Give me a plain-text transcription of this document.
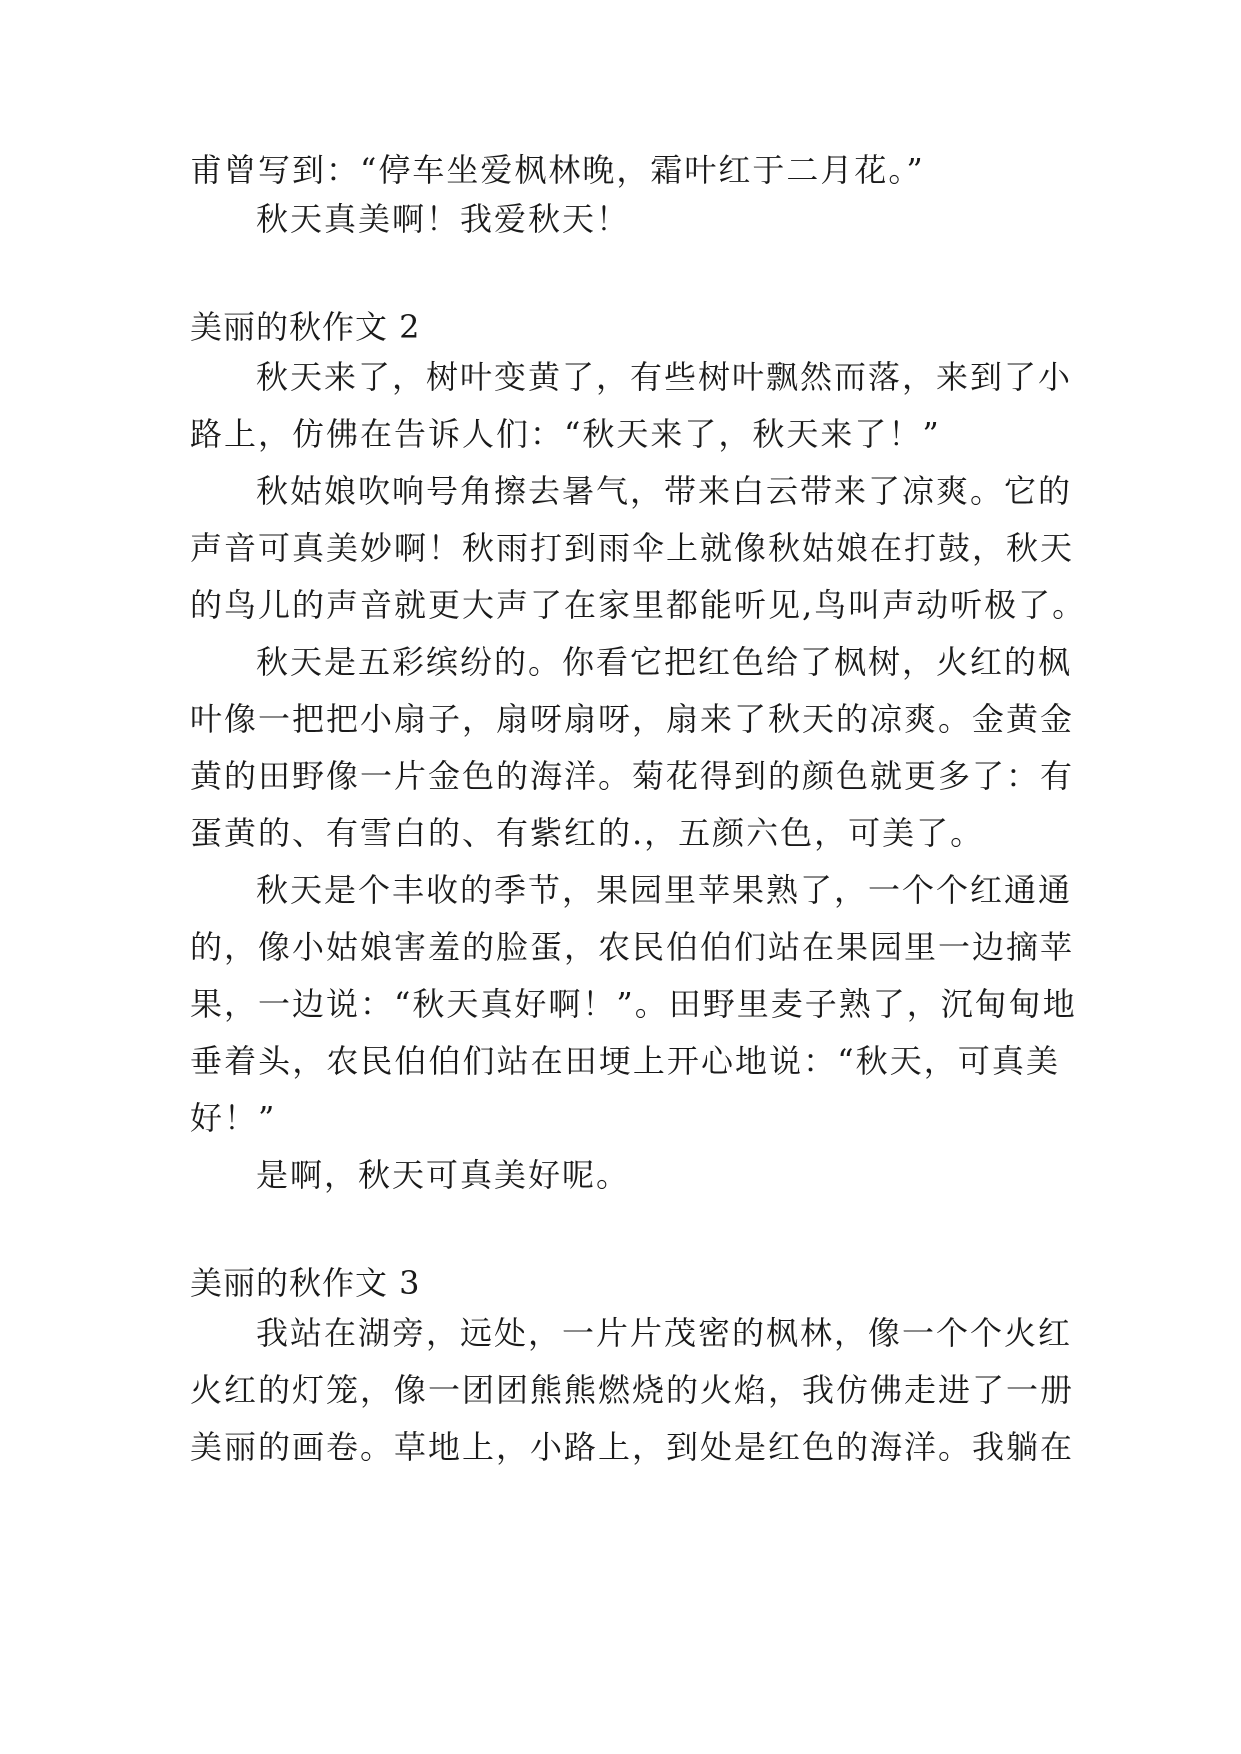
甫曾写到：“停车坐爱枫林晚，霜叶红于二月花。”
秋天真美啊！我爱秋天！
美丽的秋作文 2
秋天来了，树叶变黄了，有些树叶飘然而落，来到了小
路上，仿佛在告诉人们：“秋天来了，秋天来了！”
秋姑娘吹响号角擦去暑气，带来白云带来了凉爽。它的
声音可真美妙啊！秋雨打到雨伞上就像秋姑娘在打鼓，秋天
的鸟儿的声音就更大声了在家里都能听见,鸟叫声动听极了。
秋天是五彩缤纷的。你看它把红色给了枫树，火红的枫
叶像一把把小扇子，扇呀扇呀，扇来了秋天的凉爽。金黄金
黄的田野像一片金色的海洋。菊花得到的颜色就更多了：有
蛋黄的、有雪白的、有紫红的.，五颜六色，可美了。
秋天是个丰收的季节，果园里苹果熟了，一个个红通通
的，像小姑娘害羞的脸蛋，农民伯伯们站在果园里一边摘苹
果，一边说：“秋天真好啊！”。田野里麦子熟了，沉甸甸地
垂着头，农民伯伯们站在田埂上开心地说：“秋天，可真美
好！”
是啊，秋天可真美好呢。
美丽的秋作文 3
我站在湖旁，远处，一片片茂密的枫林，像一个个火红
火红的灯笼，像一团团熊熊燃烧的火焰，我仿佛走进了一册
美丽的画卷。草地上，小路上，到处是红色的海洋。我躺在
